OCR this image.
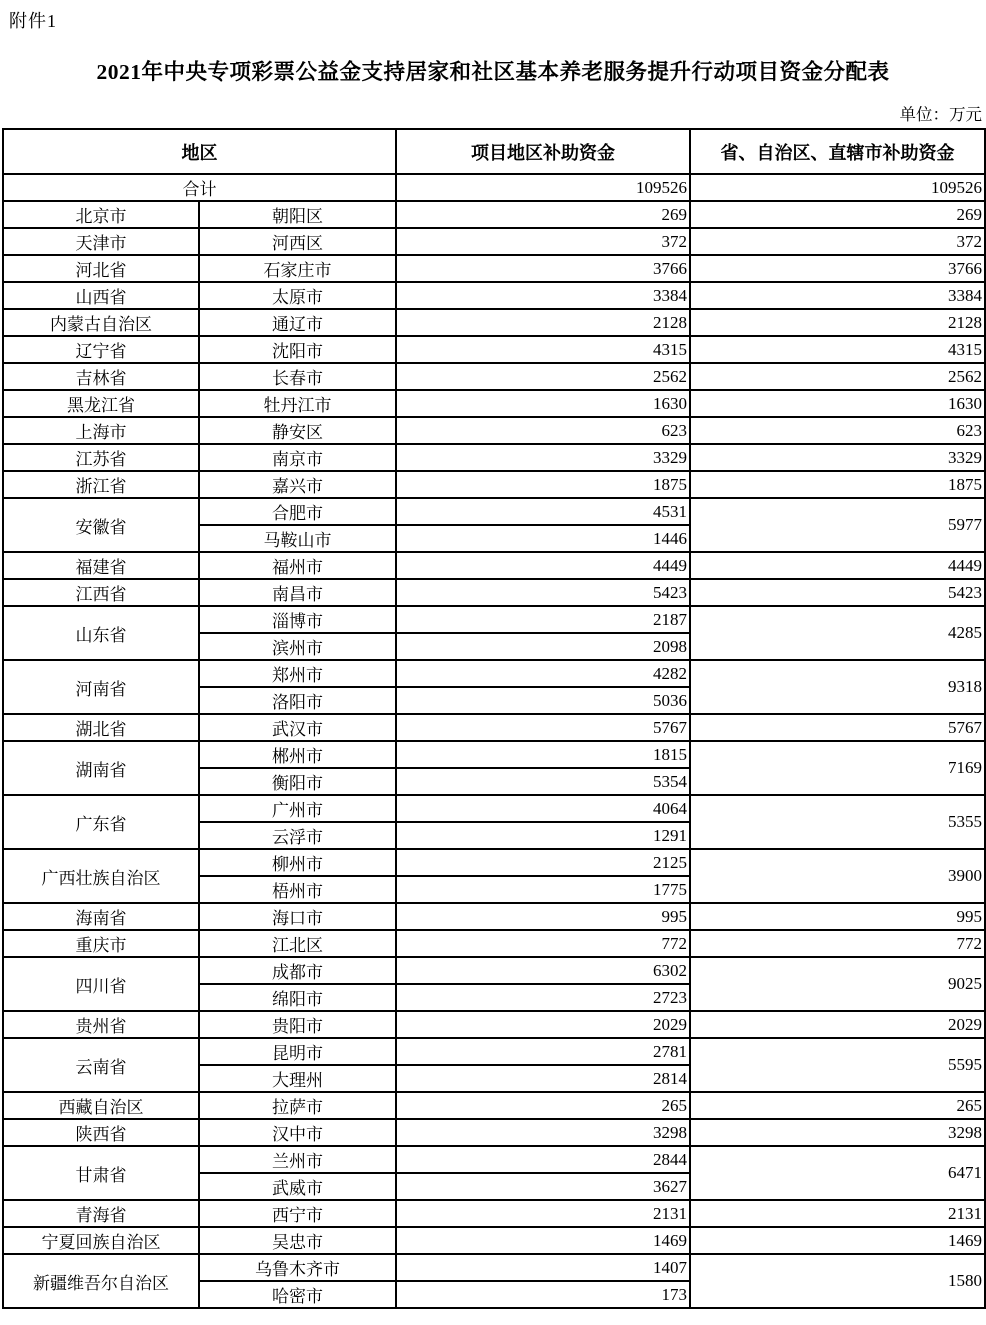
附件1
2021年中央专项彩票公益金支持居家和社区基本养老服务提升行动项目资金分配表
单位：万元
地区		项目地区补助资金	省、自治区、直辖市补助资金
合计		109526	109526
北京市	朝阳区	269	269
天津市	河西区	372	372
河北省	石家庄市	3766	3766
山西省	太原市	3384	3384
内蒙古自治区	通辽市	2128	2128
辽宁省	沈阳市	4315	4315
吉林省	长春市	2562	2562
黑龙江省	牡丹江市	1630	1630
上海市	静安区	623	623
江苏省	南京市	3329	3329
浙江省	嘉兴市	1875	1875
安徽省	合肥市	4531	5977
	马鞍山市	1446	
福建省	福州市	4449	4449
江西省	南昌市	5423	5423
山东省	淄博市	2187	4285
	滨州市	2098	
河南省	郑州市	4282	9318
	洛阳市	5036	
湖北省	武汉市	5767	5767
湖南省	郴州市	1815	7169
	衡阳市	5354	
广东省	广州市	4064	5355
	云浮市	1291	
广西壮族自治区	柳州市	2125	3900
	梧州市	1775	
海南省	海口市	995	995
重庆市	江北区	772	772
四川省	成都市	6302	9025
	绵阳市	2723	
贵州省	贵阳市	2029	2029
云南省	昆明市	2781	5595
	大理州	2814	
西藏自治区	拉萨市	265	265
陕西省	汉中市	3298	3298
甘肃省	兰州市	2844	6471
	武威市	3627	
青海省	西宁市	2131	2131
宁夏回族自治区	吴忠市	1469	1469
新疆维吾尔自治区	乌鲁木齐市	1407	1580
	哈密市	173	
